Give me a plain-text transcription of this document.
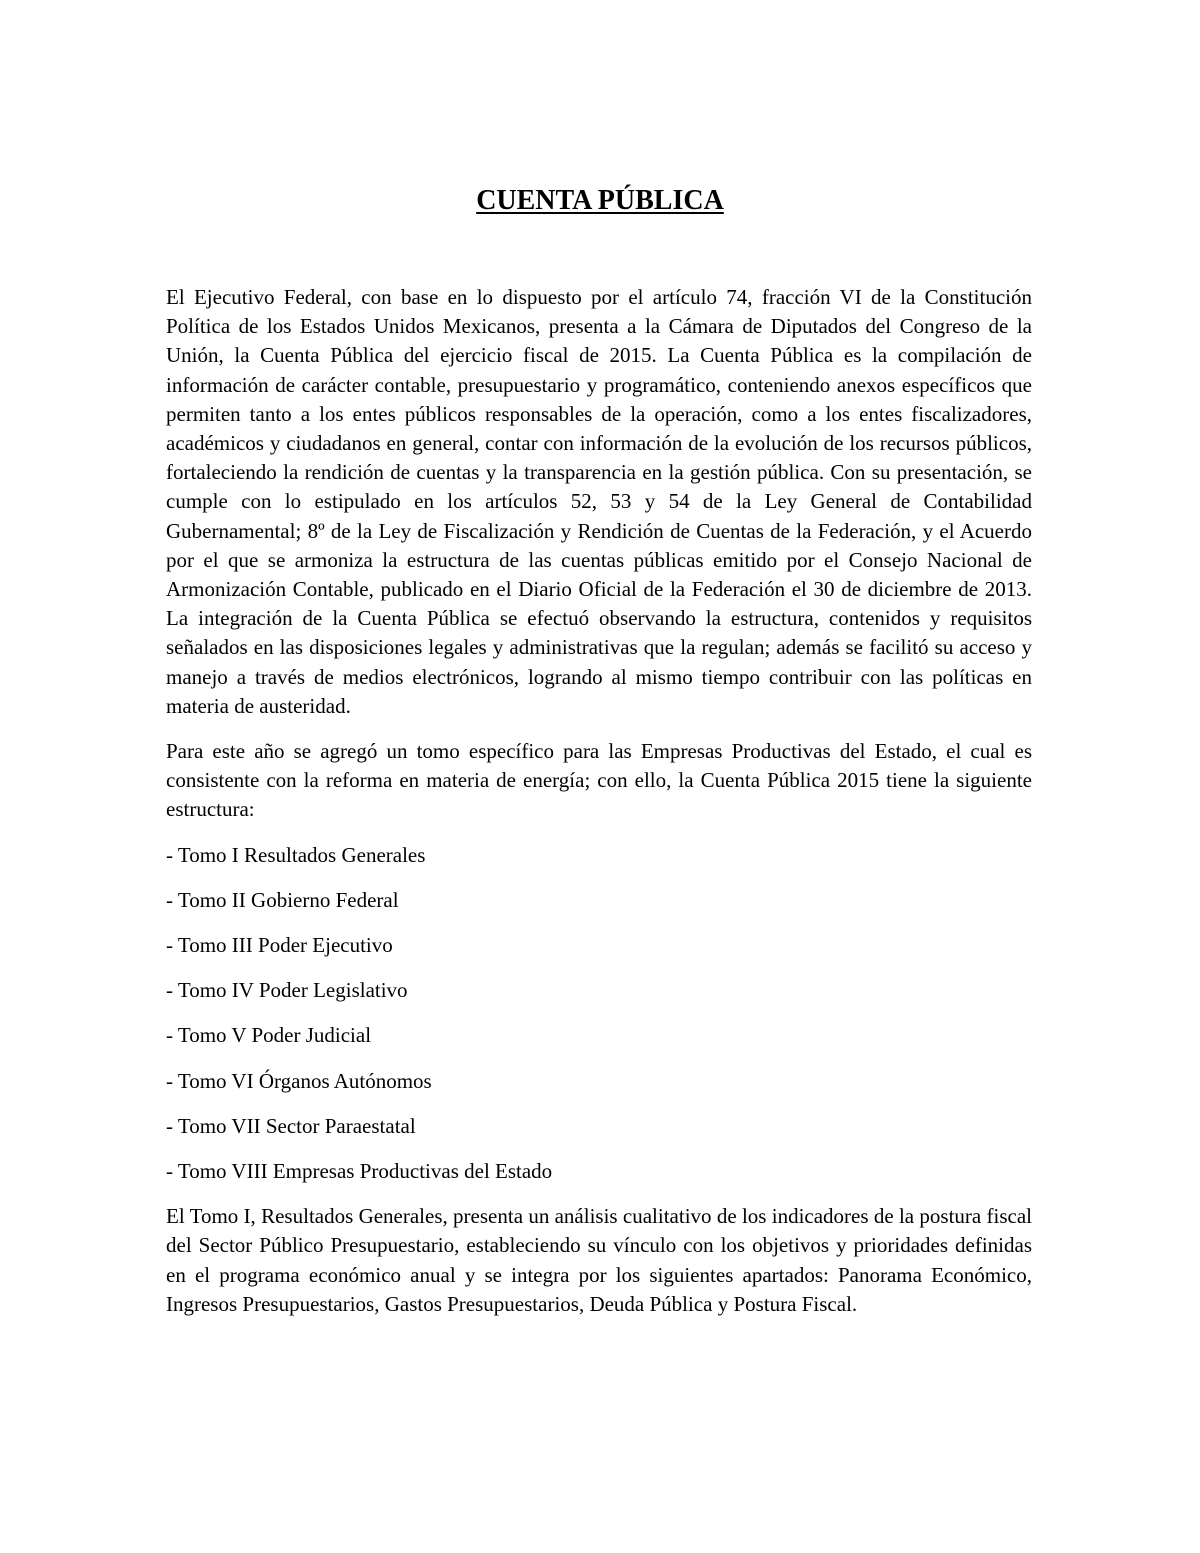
CUENTA PÚBLICA

El Ejecutivo Federal, con base en lo dispuesto por el artículo 74, fracción VI de la Constitución Política de los Estados Unidos Mexicanos, presenta a la Cámara de Diputados del Congreso de la Unión, la Cuenta Pública del ejercicio fiscal de 2015. La Cuenta Pública es la compilación de información de carácter contable, presupuestario y programático, conteniendo anexos específicos que permiten tanto a los entes públicos responsables de la operación, como a los entes fiscalizadores, académicos y ciudadanos en general, contar con información de la evolución de los recursos públicos, fortaleciendo la rendición de cuentas y la transparencia en la gestión pública. Con su presentación, se cumple con lo estipulado en los artículos 52, 53 y 54 de la Ley General de Contabilidad Gubernamental; 8º de la Ley de Fiscalización y Rendición de Cuentas de la Federación, y el Acuerdo por el que se armoniza la estructura de las cuentas públicas emitido por el Consejo Nacional de Armonización Contable, publicado en el Diario Oficial de la Federación el 30 de diciembre de 2013. La integración de la Cuenta Pública se efectuó observando la estructura, contenidos y requisitos señalados en las disposiciones legales y administrativas que la regulan; además se facilitó su acceso y manejo a través de medios electrónicos, logrando al mismo tiempo contribuir con las políticas en materia de austeridad.

Para este año se agregó un tomo específico para las Empresas Productivas del Estado, el cual es consistente con la reforma en materia de energía; con ello, la Cuenta Pública 2015 tiene la siguiente estructura:

- Tomo I Resultados Generales

- Tomo II Gobierno Federal

- Tomo III Poder Ejecutivo

- Tomo IV Poder Legislativo

- Tomo V Poder Judicial

- Tomo VI Órganos Autónomos

- Tomo VII Sector Paraestatal

- Tomo VIII Empresas Productivas del Estado

El Tomo I, Resultados Generales, presenta un análisis cualitativo de los indicadores de la postura fiscal del Sector Público Presupuestario, estableciendo su vínculo con los objetivos y prioridades definidas en el programa económico anual y se integra por los siguientes apartados: Panorama Económico, Ingresos Presupuestarios, Gastos Presupuestarios, Deuda Pública y Postura Fiscal.
